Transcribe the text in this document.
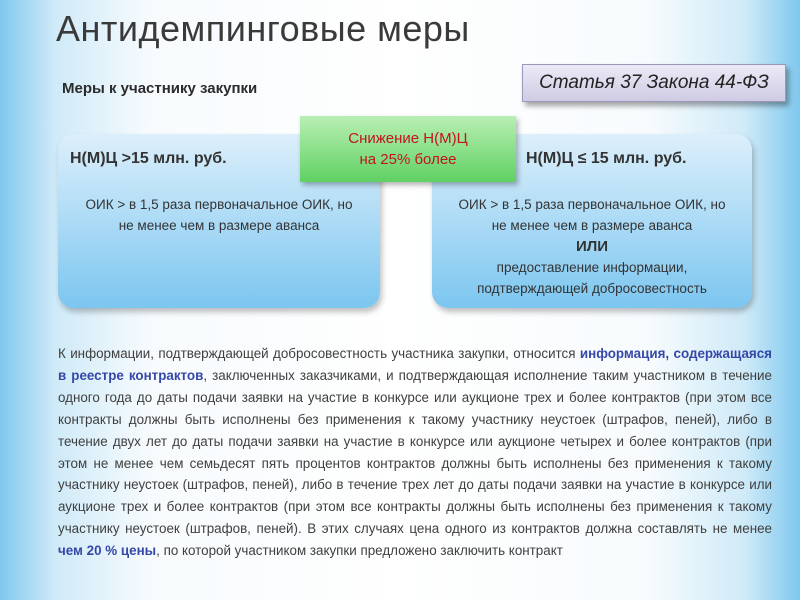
Антидемпинговые меры
Меры к участнику закупки	Статья 37 Закона 44-ФЗ
Н(М)Ц >15 млн. руб.
ОИК > в 1,5 раза первоначальное ОИК, но
не менее чем в размере аванса
Н(М)Ц ≤ 15 млн. руб.
ОИК > в 1,5 раза первоначальное ОИК, но
не менее чем в размере аванса
ИЛИ
предоставление информации,
подтверждающей добросовестность
Снижение Н(М)Ц
на 25% более
К информации, подтверждающей добросовестность участника закупки, относится информация, содержащаяся в реестре контрактов, заключенных заказчиками, и подтверждающая исполнение таким участником в течение одного года до даты подачи заявки на участие в конкурсе или аукционе трех и более контрактов (при этом все контракты должны быть исполнены без применения к такому участнику неустоек (штрафов, пеней), либо в течение двух лет до даты подачи заявки на участие в конкурсе или аукционе четырех и более контрактов (при этом не менее чем семьдесят пять процентов контрактов должны быть исполнены без применения к такому участнику неустоек (штрафов, пеней), либо в течение трех лет до даты подачи заявки на участие в конкурсе или аукционе трех и более контрактов (при этом все контракты должны быть исполнены без применения к такому участнику неустоек (штрафов, пеней). В этих случаях цена одного из контрактов должна составлять не менее чем 20 % цены, по которой участником закупки предложено заключить контракт
